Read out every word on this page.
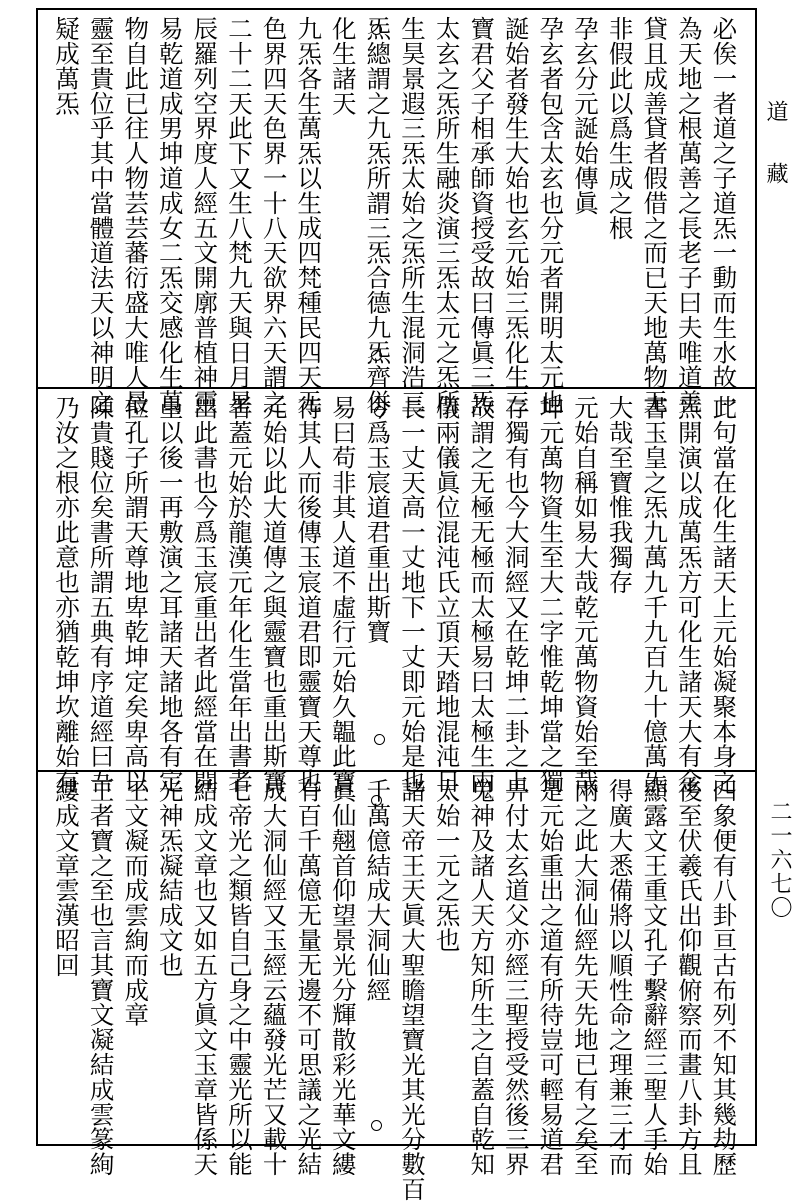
必俟一者道之子道炁一動而生水故一
為天地之根萬善之長老子曰夫唯道善
貸且成善貸者假借之而已天地萬物无
非假此以爲生成之根
孕玄分元誕始傳眞
孕玄者包含太玄也分元者開明太元也
誕始者發生大始也玄元始三炁化生三
寶君父子相承師資授受故曰傳眞三炁
太玄之炁所生融炎演三炁太元之炁所
生昊景遐三炁太始之炁所生混洞浩三
炁總謂之九炁所謂三炁合德九炁齊併
化生諸天
九炁各生萬炁以生成四梵種民四天无
色界四天色界一十八天欲界六天謂之
二十二天此下又生八梵九天與日月星
辰羅列空界度人經五文開廓普植神靈
易乾道成男坤道成女二炁交感化生萬
物自此已往人物芸芸蕃衍盛大唯人最
靈至貴位乎其中當體道法天以神明之
疑成萬炁
此句當在化生諸天上元始凝聚本身之
炁開演以成萬炁方可化生諸天大有金
書玉皇之炁九萬九千九百九十億萬炁
大哉至寶惟我獨存
元始自稱如易大哉乾元萬物資始至哉
坤元萬物資生至大二字惟乾坤當之獨
存獨有也今大洞經又在乾坤二卦之上
故謂之无極无極而太極易曰太極生兩
儀兩儀眞位混沌氏立頂天踏地混沌日
長一丈天高一丈地下一丈即元始是也
今爲玉宸道君重出斯寶
易曰苟非其人道不虛行元始久韞此寶
待其人而後傳玉宸道君即靈寶天尊也
元始以此大道傳之與靈寶也重出斯寶
者蓋元始於龍漢元年化生當年出書者
出此書也今爲玉宸重出者此經當在開
皇以後一再敷演之耳諸天諸地各有定
位孔子所謂天尊地卑乾坤定矣卑高以
陳貴賤位矣書所謂五典有序道經曰吾
乃汝之根亦此意也亦猶乾坤坎離始有
四象便有八卦亘古布列不知其幾劫歷
後至伏羲氏出仰觀俯察而畫八卦方且
顯露文王重文孔子繫辭經三聖人手始
得廣大悉備將以順性命之理兼三才而
兩之此大洞仙經先天先地已有之矣至
是元始重出之道有所待豈可輕易道君
畀付太玄道父亦經三聖授受然後三界
鬼神及諸人天方知所生之自蓋自乾知
太始一元之炁也
諸天帝王天眞大聖瞻望寶光其光分數百
千萬億結成大洞仙經
眞仙翹首仰望景光分輝散彩光華文縷
有百千萬億无量无邊不可思議之光結
成大洞仙經又玉經云蘊發光芒又載十
七帝光之類皆自己身之中靈光所以能
結成文章也又如五方眞文玉章皆係天
光神炁凝結成文也
王文凝而成雲絢而成章
王者寶之至也言其寶文凝結成雲篆絢
縷成文章雲漢昭回
道藏
二一六七〇
